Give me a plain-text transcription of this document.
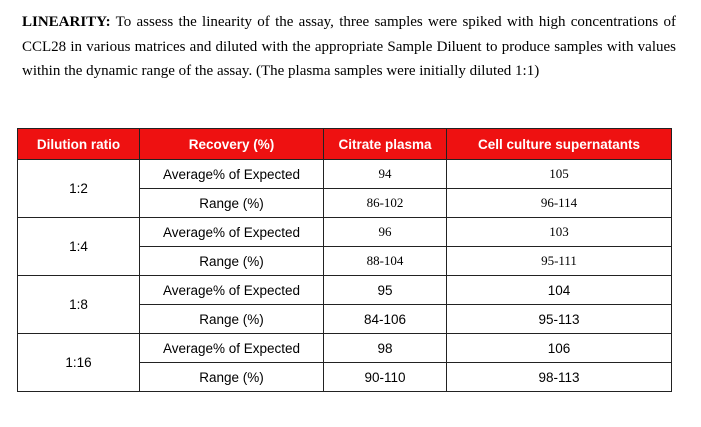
LINEARITY: To assess the linearity of the assay, three samples were spiked with high concentrations of CCL28 in various matrices and diluted with the appropriate Sample Diluent to produce samples with values within the dynamic range of the assay. (The plasma samples were initially diluted 1:1)

Dilution ratio	Recovery (%)	Citrate plasma	Cell culture supernatants
1:2	Average% of Expected	94	105
	Range (%)	86-102	96-114
1:4	Average% of Expected	96	103
	Range (%)	88-104	95-111
1:8	Average% of Expected	95	104
	Range (%)	84-106	95-113
1:16	Average% of Expected	98	106
	Range (%)	90-110	98-113
